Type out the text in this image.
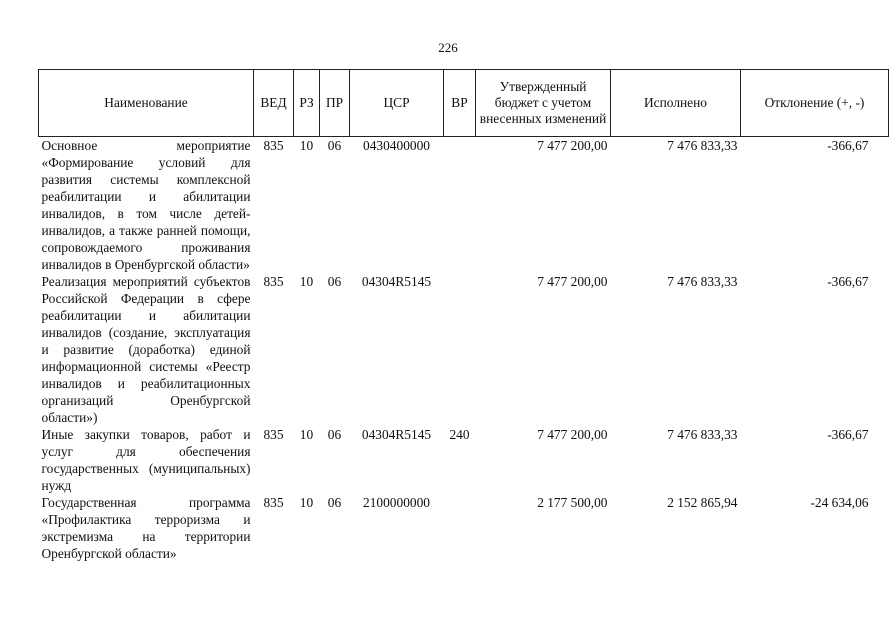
226
Наименование	ВЕД	РЗ	ПР	ЦСР	ВР	Утвержденный бюджет с учетом внесенных изменений	Исполнено	Отклонение (+, -)
Основное мероприятие «Формирование условий для развития системы комплексной реабилитации и абилитации инвалидов, в том числе детей-инвалидов, а также ранней помощи, сопровождаемого проживания инвалидов в Оренбургской области»	835	10	06	0430400000		7 477 200,00	7 476 833,33	-366,67
Реализация мероприятий субъектов Российской Федерации в сфере реабилитации и абилитации инвалидов (создание, эксплуатация и развитие (доработка) единой информационной системы «Реестр инвалидов и реабилитационных организаций Оренбургской области»)	835	10	06	04304R5145		7 477 200,00	7 476 833,33	-366,67
Иные закупки товаров, работ и услуг для обеспечения государственных (муниципальных) нужд	835	10	06	04304R5145	240	7 477 200,00	7 476 833,33	-366,67
Государственная программа «Профилактика терроризма и экстремизма на территории Оренбургской области»	835	10	06	2100000000		2 177 500,00	2 152 865,94	-24 634,06
